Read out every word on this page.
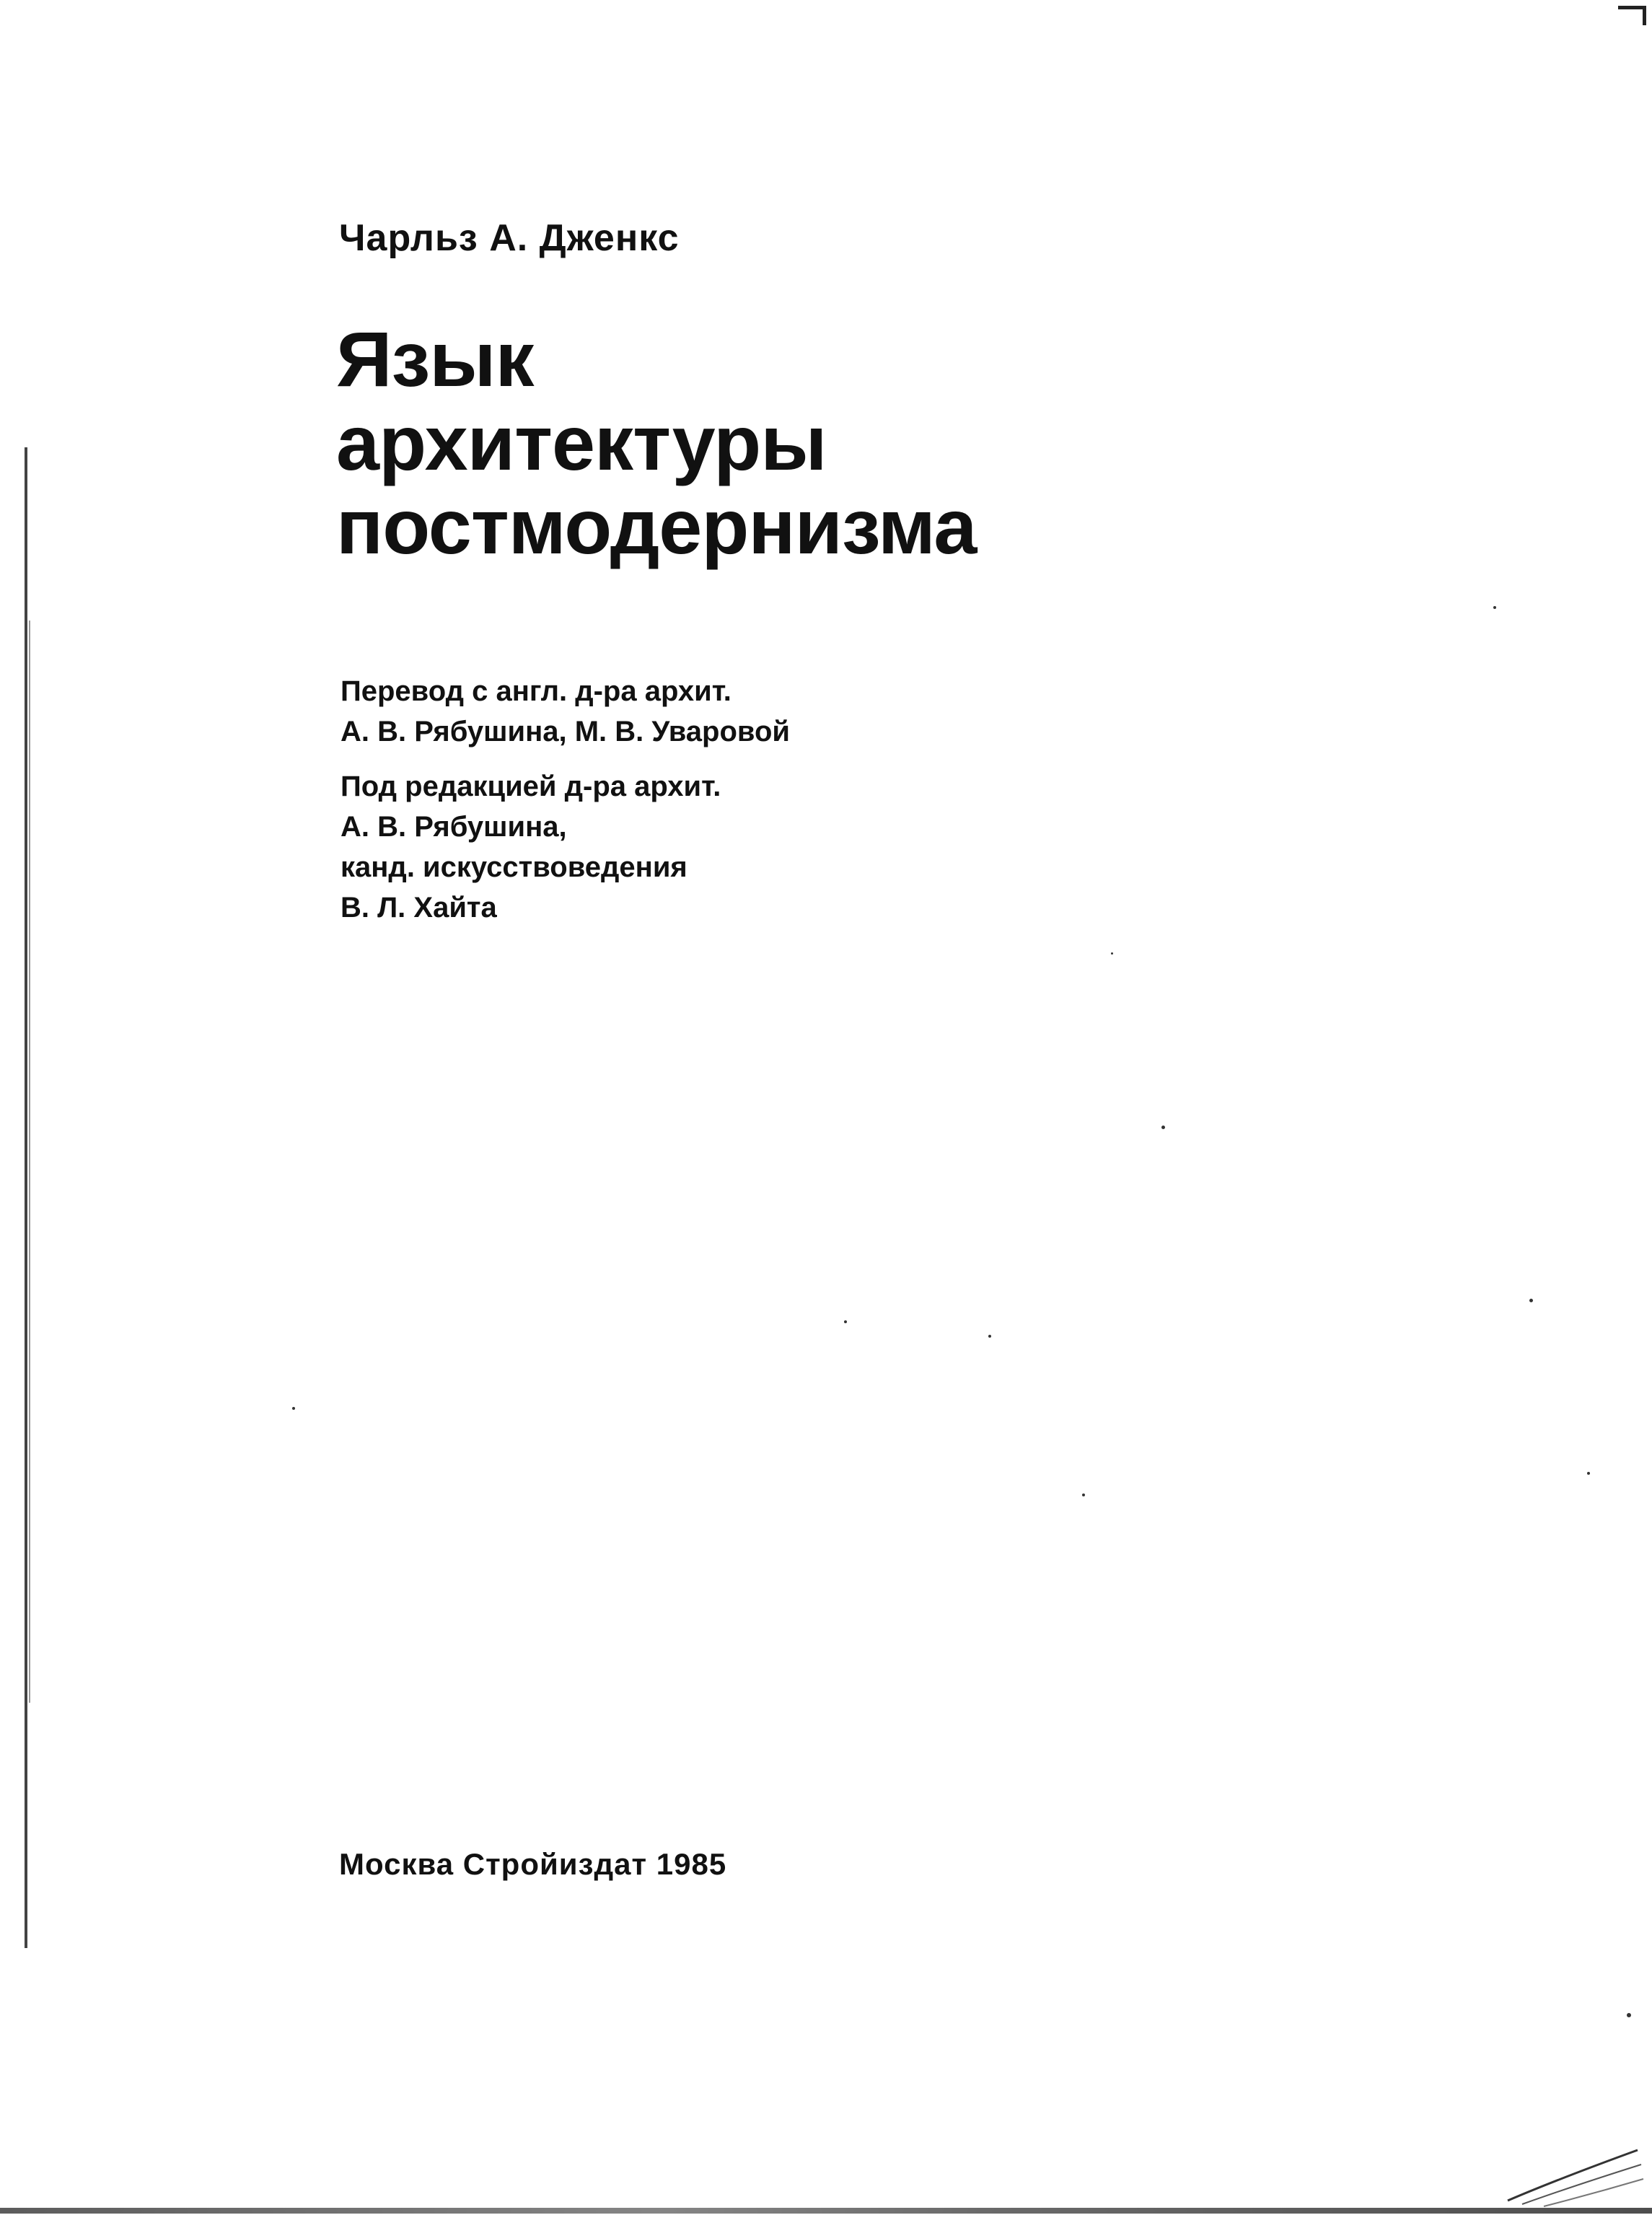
Чарльз А. Дженкс
Язык
архитектуры
постмодернизма
Перевод с англ. д-ра архит.
А. В. Рябушина, М. В. Уваровой
Под редакцией д-ра архит.
А. В. Рябушина,
канд. искусствоведения
В. Л. Хайта
Москва Стройиздат 1985
